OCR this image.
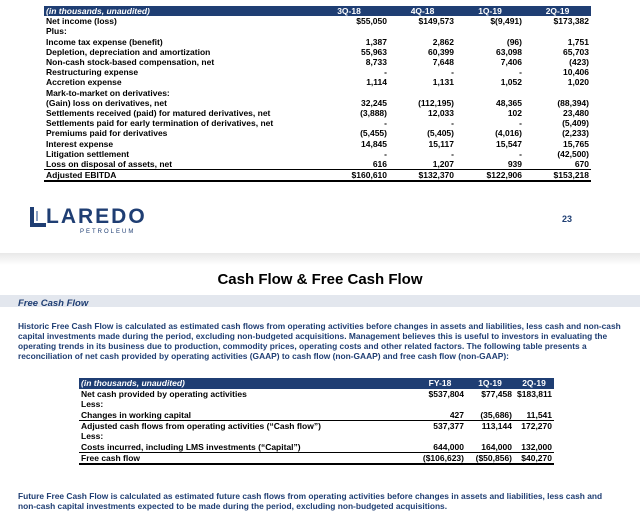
(in thousands, unaudited)	3Q-18	4Q-18	1Q-19	2Q-19
Net income (loss)	$55,050	$149,573	$(9,491)	$173,382
Plus:				
Income tax expense (benefit)	1,387	2,862	(96)	1,751
Depletion, depreciation and amortization	55,963	60,399	63,098	65,703
Non-cash stock-based compensation, net	8,733	7,648	7,406	(423)
Restructuring expense	-	-	-	10,406
Accretion expense	1,114	1,131	1,052	1,020
Mark-to-market on derivatives:				
(Gain) loss on derivatives, net	32,245	(112,195)	48,365	(88,394)
Settlements received (paid) for matured derivatives, net	(3,888)	12,033	102	23,480
Settlements paid for early termination of derivatives, net	-	-	-	(5,409)
Premiums paid for derivatives	(5,455)	(5,405)	(4,016)	(2,233)
Interest expense	14,845	15,117	15,547	15,765
Litigation settlement	-	-	-	(42,500)
Loss on disposal of assets, net	616	1,207	939	670
Adjusted EBITDA	$160,610	$132,370	$122,906	$153,218
LAREDO
PETROLEUM
23
Cash Flow & Free Cash Flow
Free Cash Flow

Historic Free Cash Flow is calculated as estimated cash flows from operating activities before changes in assets and liabilities, less cash and non-cash capital investments made during the period, excluding non-budgeted acquisitions. Management believes this is useful to investors in evaluating the operating trends in its business due to production, commodity prices, operating costs and other related factors. The following table presents a reconciliation of net cash provided by operating activities (GAAP) to cash flow (non-GAAP) and free cash flow (non-GAAP):

Future Free Cash Flow is calculated as estimated future cash flows from operating activities before changes in assets and liabilities, less cash and non-cash capital investments expected to be made during the period, excluding non-budgeted acquisitions.

(in thousands, unaudited)	FY-18	1Q-19	2Q-19
Net cash provided by operating activities	$537,804	$77,458	$183,811
Less:			
Changes in working capital	427	(35,686)	11,541
Adjusted cash flows from operating activities (“Cash flow”)	537,377	113,144	172,270
Less:			
Costs incurred, including LMS investments (“Capital”)	644,000	164,000	132,000
Free cash flow	($106,623)	($50,856)	$40,270
